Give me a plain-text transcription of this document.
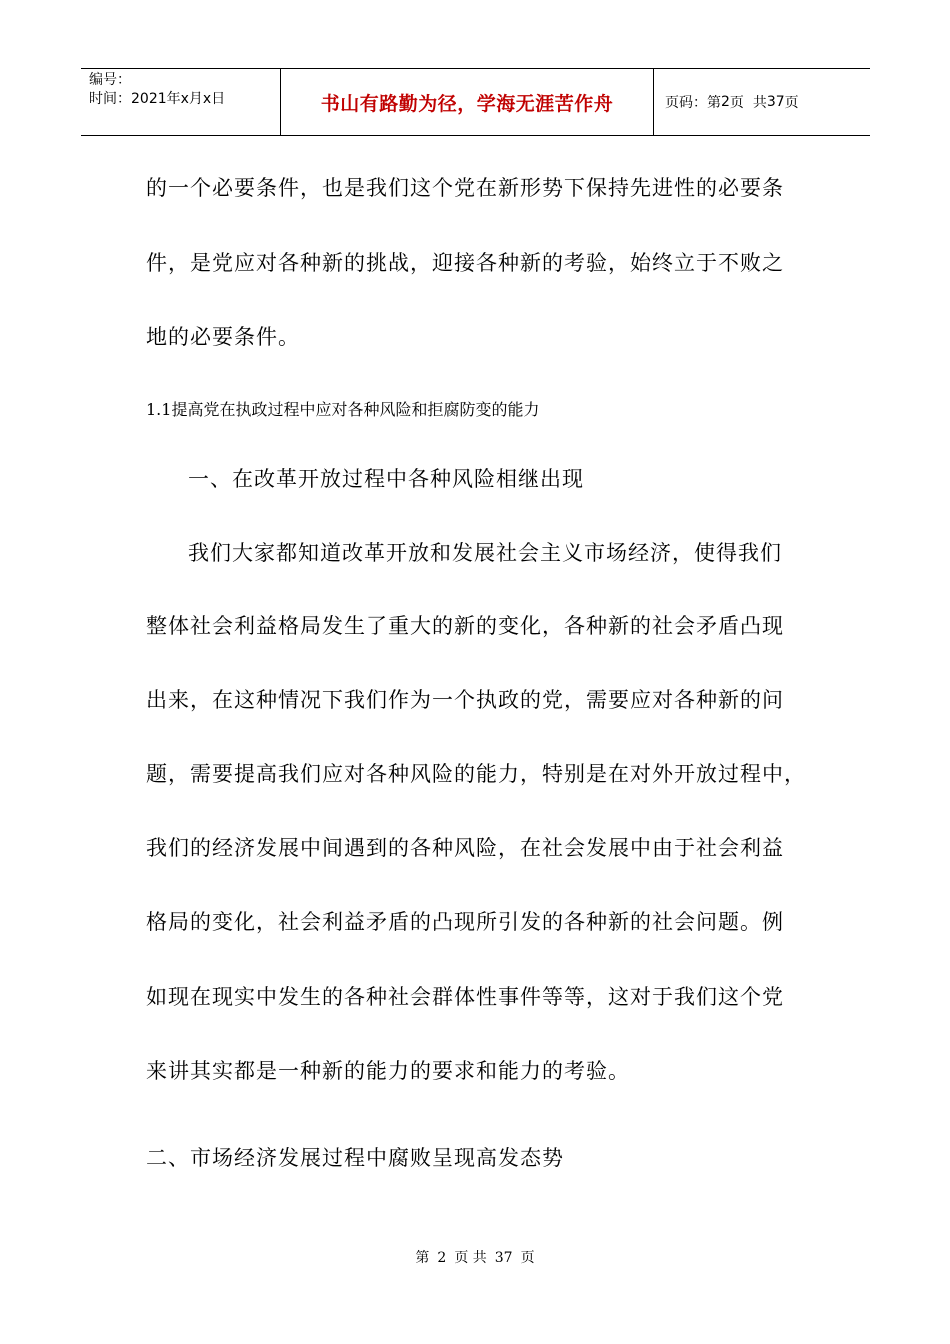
编号：
时间：2021年x月x日	书山有路勤为径，学海无涯苦作舟	页码：第 2 页  共 37 页
的一个必要条件，也是我们这个党在新形势下保持先进性的必要条
件，是党应对各种新的挑战，迎接各种新的考验，始终立于不败之
地的必要条件。
1.1提高党在执政过程中应对各种风险和拒腐防变的能力
一、在改革开放过程中各种风险相继出现
我们大家都知道改革开放和发展社会主义市场经济，使得我们
整体社会利益格局发生了重大的新的变化，各种新的社会矛盾凸现
出来，在这种情况下我们作为一个执政的党，需要应对各种新的问
题，需要提高我们应对各种风险的能力，特别是在对外开放过程中，
我们的经济发展中间遇到的各种风险，在社会发展中由于社会利益
格局的变化，社会利益矛盾的凸现所引发的各种新的社会问题。例
如现在现实中发生的各种社会群体性事件等等，这对于我们这个党
来讲其实都是一种新的能力的要求和能力的考验。
二、市场经济发展过程中腐败呈现高发态势
第 2 页 共 37 页
